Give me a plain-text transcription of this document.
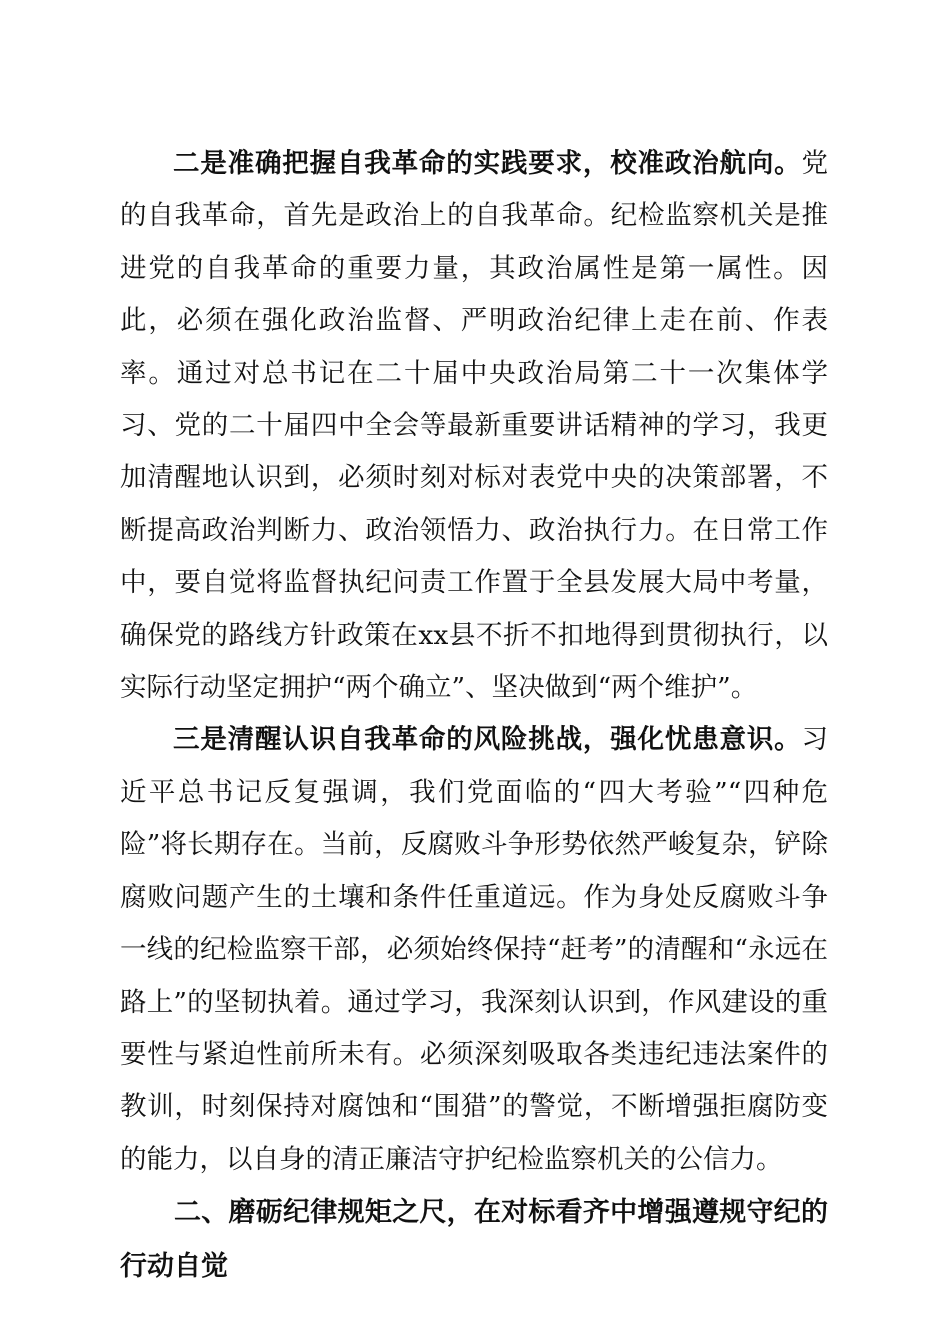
二是准确把握自我革命的实践要求，校准政治航向。党的自我革命，首先是政治上的自我革命。纪检监察机关是推进党的自我革命的重要力量，其政治属性是第一属性。因此，必须在强化政治监督、严明政治纪律上走在前、作表率。通过对总书记在二十届中央政治局第二十一次集体学习、党的二十届四中全会等最新重要讲话精神的学习，我更加清醒地认识到，必须时刻对标对表党中央的决策部署，不断提高政治判断力、政治领悟力、政治执行力。在日常工作中，要自觉将监督执纪问责工作置于全县发展大局中考量，确保党的路线方针政策在xx县不折不扣地得到贯彻执行，以实际行动坚定拥护“两个确立”、坚决做到“两个维护”。

三是清醒认识自我革命的风险挑战，强化忧患意识。习近平总书记反复强调，我们党面临的“四大考验”“四种危险”将长期存在。当前，反腐败斗争形势依然严峻复杂，铲除腐败问题产生的土壤和条件任重道远。作为身处反腐败斗争一线的纪检监察干部，必须始终保持“赶考”的清醒和“永远在路上”的坚韧执着。通过学习，我深刻认识到，作风建设的重要性与紧迫性前所未有。必须深刻吸取各类违纪违法案件的教训，时刻保持对腐蚀和“围猎”的警觉，不断增强拒腐防变的能力，以自身的清正廉洁守护纪检监察机关的公信力。

二、磨砺纪律规矩之尺，在对标看齐中增强遵规守纪的行动自觉
